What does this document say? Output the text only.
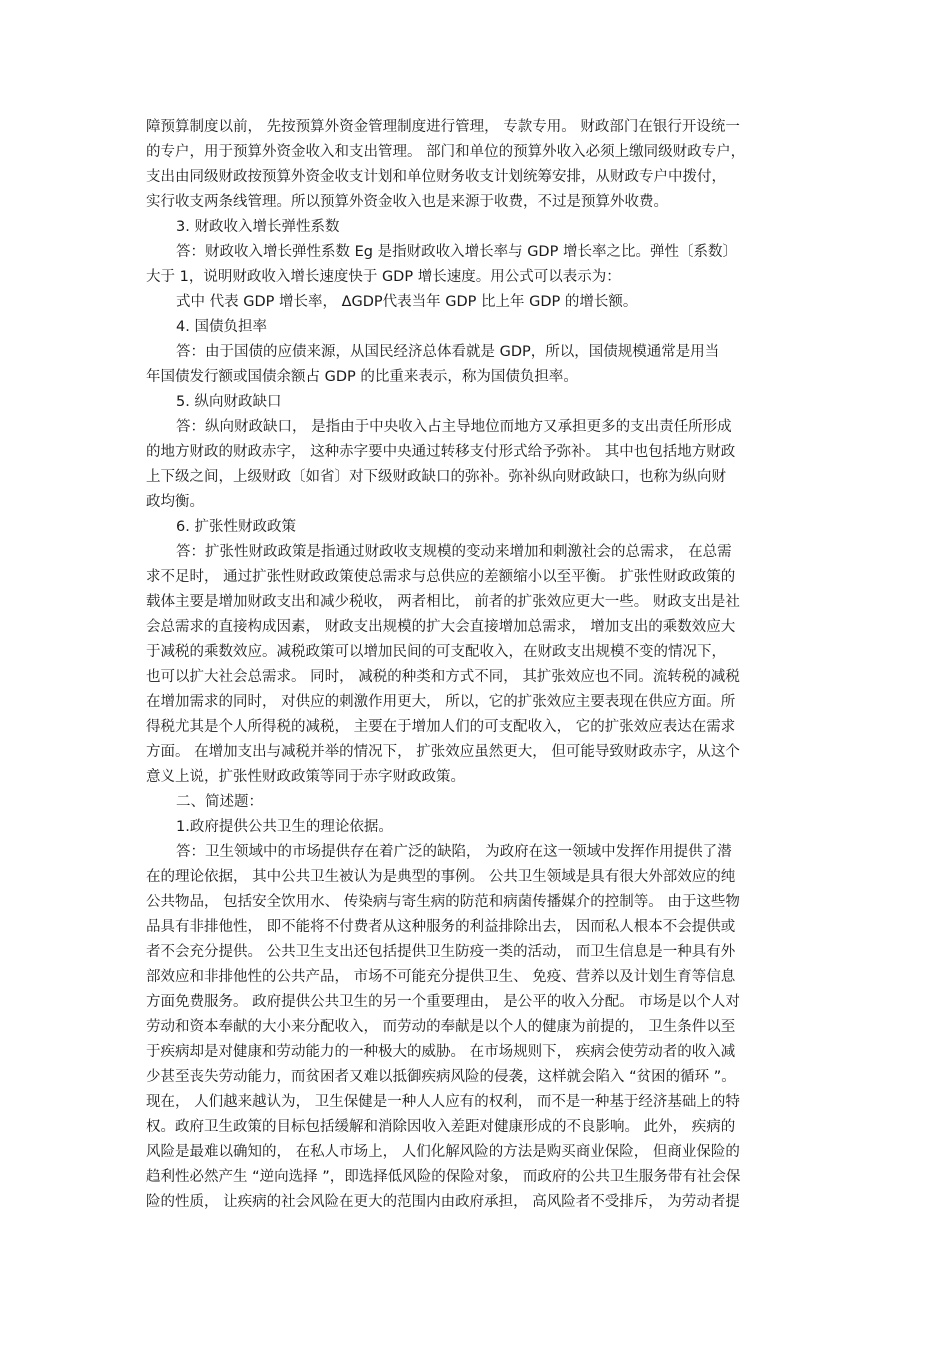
障预算制度以前， 先按预算外资金管理制度进行管理， 专款专用。 财政部门在银行开设统一
的专户，用于预算外资金收入和支出管理。 部门和单位的预算外收入必须上缴同级财政专户，
支出由同级财政按预算外资金收支计划和单位财务收支计划统筹安排，从财政专户中拨付，
实行收支两条线管理。所以预算外资金收入也是来源于收费，不过是预算外收费。
3. 财政收入增长弹性系数
答：财政收入增长弹性系数 Eg 是指财政收入增长率与 GDP 增长率之比。弹性〔系数〕
大于 1，说明财政收入增长速度快于 GDP 增长速度。用公式可以表示为：
式中 代表 GDP 增长率， ΔGDP代表当年 GDP 比上年 GDP 的增长额。
4. 国债负担率
答：由于国债的应债来源，从国民经济总体看就是 GDP，所以，国债规模通常是用当
年国债发行额或国债余额占 GDP 的比重来表示，称为国债负担率。
5. 纵向财政缺口
答：纵向财政缺口， 是指由于中央收入占主导地位而地方又承担更多的支出责任所形成
的地方财政的财政赤字， 这种赤字要中央通过转移支付形式给予弥补。 其中也包括地方财政
上下级之间，上级财政〔如省〕对下级财政缺口的弥补。弥补纵向财政缺口，也称为纵向财
政均衡。
6. 扩张性财政政策
答：扩张性财政政策是指通过财政收支规模的变动来增加和刺激社会的总需求， 在总需
求不足时， 通过扩张性财政政策使总需求与总供应的差额缩小以至平衡。 扩张性财政政策的
载体主要是增加财政支出和减少税收， 两者相比， 前者的扩张效应更大一些。 财政支出是社
会总需求的直接构成因素， 财政支出规模的扩大会直接增加总需求， 增加支出的乘数效应大
于减税的乘数效应。减税政策可以增加民间的可支配收入，在财政支出规模不变的情况下，
也可以扩大社会总需求。 同时， 减税的种类和方式不同， 其扩张效应也不同。流转税的减税
在增加需求的同时， 对供应的刺激作用更大， 所以，它的扩张效应主要表现在供应方面。所
得税尤其是个人所得税的减税， 主要在于增加人们的可支配收入， 它的扩张效应表达在需求
方面。 在增加支出与减税并举的情况下， 扩张效应虽然更大， 但可能导致财政赤字，从这个
意义上说，扩张性财政政策等同于赤字财政政策。
二、简述题：
1.政府提供公共卫生的理论依据。
答：卫生领域中的市场提供存在着广泛的缺陷， 为政府在这一领域中发挥作用提供了潜
在的理论依据， 其中公共卫生被认为是典型的事例。 公共卫生领域是具有很大外部效应的纯
公共物品， 包括安全饮用水、 传染病与寄生病的防范和病菌传播媒介的控制等。 由于这些物
品具有非排他性， 即不能将不付费者从这种服务的利益排除出去， 因而私人根本不会提供或
者不会充分提供。 公共卫生支出还包括提供卫生防疫一类的活动， 而卫生信息是一种具有外
部效应和非排他性的公共产品， 市场不可能充分提供卫生、 免疫、营养以及计划生育等信息
方面免费服务。 政府提供公共卫生的另一个重要理由， 是公平的收入分配。 市场是以个人对
劳动和资本奉献的大小来分配收入， 而劳动的奉献是以个人的健康为前提的， 卫生条件以至
于疾病却是对健康和劳动能力的一种极大的威胁。 在市场规则下， 疾病会使劳动者的收入减
少甚至丧失劳动能力，而贫困者又难以抵御疾病风险的侵袭，这样就会陷入 “贫困的循环 ”。
现在， 人们越来越认为， 卫生保健是一种人人应有的权利， 而不是一种基于经济基础上的特
权。政府卫生政策的目标包括缓解和消除因收入差距对健康形成的不良影响。 此外， 疾病的
风险是最难以确知的， 在私人市场上， 人们化解风险的方法是购买商业保险， 但商业保险的
趋利性必然产生 “逆向选择 ”，即选择低风险的保险对象， 而政府的公共卫生服务带有社会保
险的性质， 让疾病的社会风险在更大的范围内由政府承担， 高风险者不受排斥， 为劳动者提
